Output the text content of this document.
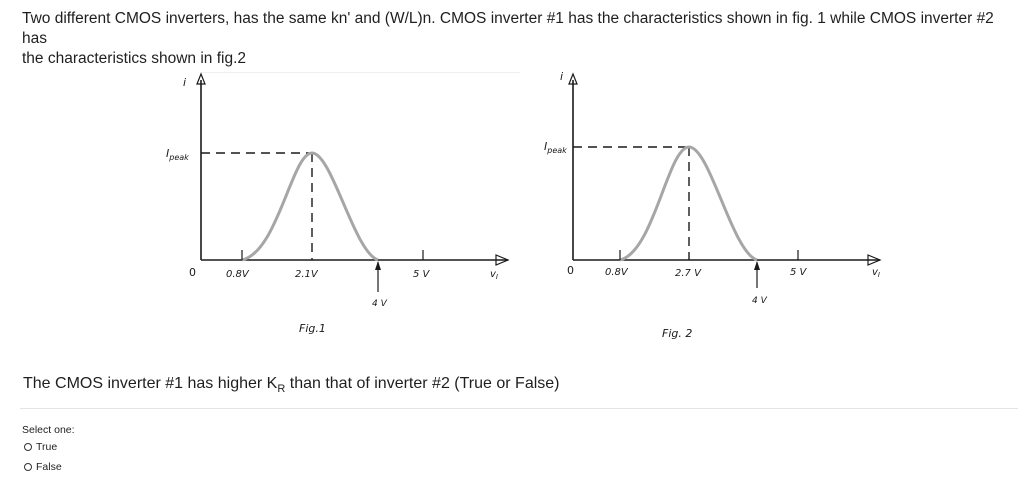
Two different CMOS inverters, has the same kn' and (W/L)n. CMOS inverter #1 has the characteristics shown in fig. 1 while CMOS inverter #2 has
the characteristics shown in fig.2
i
$I_{peak}$
0	0.8V	2.1V	5 V	$v_I$
4 V
Fig.1
i
$I_{peak}$
0	0.8V	2.7 V	5 V	$v_I$
4 V
Fig. 2
The CMOS inverter #1 has higher $K_R$ than that of inverter #2 (True or False)
Select one:
True
False
